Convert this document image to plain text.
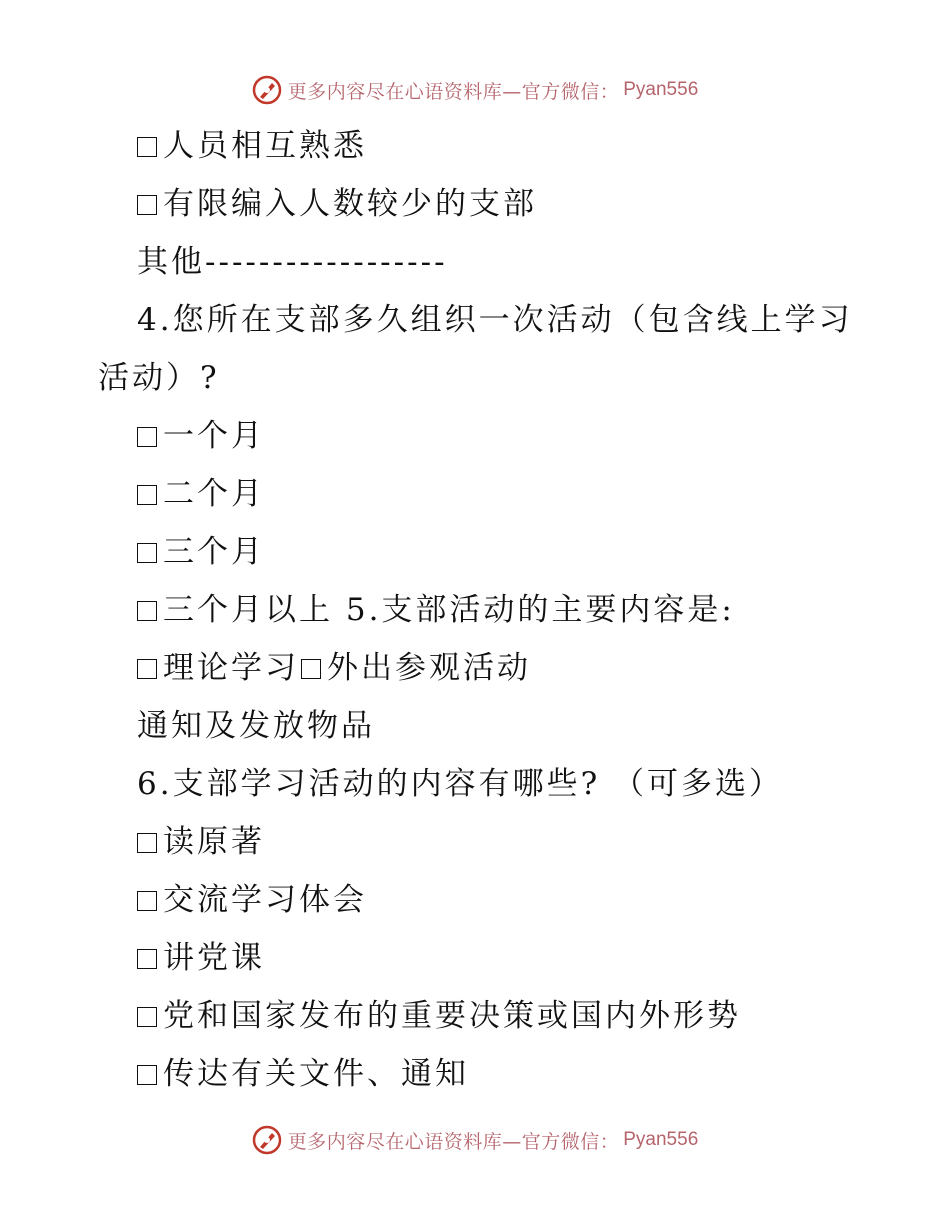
更多内容尽在心语资料库—官方微信： Pyan556
人员相互熟悉
有限编入人数较少的支部
其他------------------
4.您所在支部多久组织一次活动（包含线上学习
活动）?
一个月
二个月
三个月
三个月以上 5.支部活动的主要内容是:
理论学习 外出参观活动
通知及发放物品
6.支部学习活动的内容有哪些? （可多选）
读原著
交流学习体会
讲党课
党和国家发布的重要决策或国内外形势
传达有关文件、通知
更多内容尽在心语资料库—官方微信： Pyan556
